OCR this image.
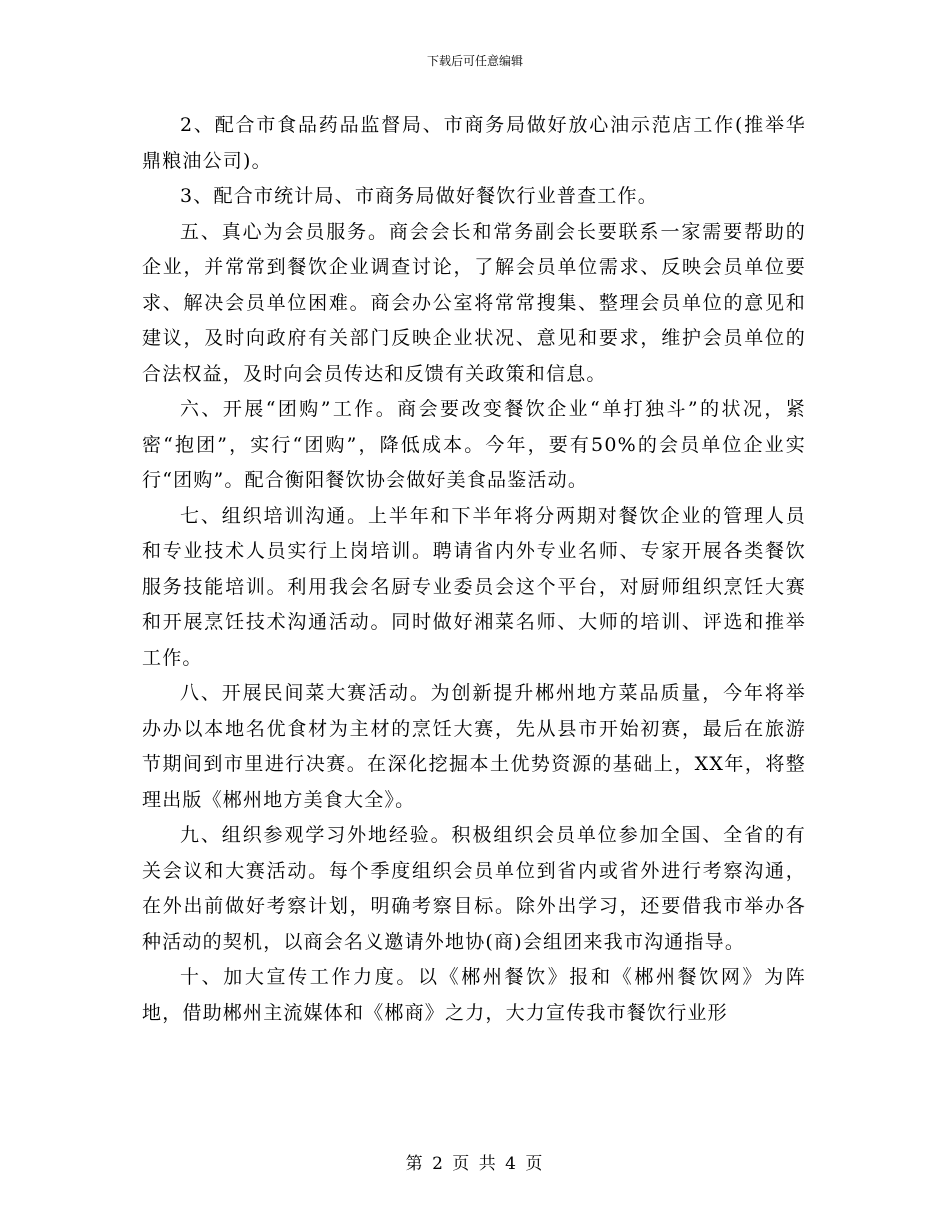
下载后可任意编辑

2、配合市食品药品监督局、市商务局做好放心油示范店工作(推举华鼎粮油公司)。

3、配合市统计局、市商务局做好餐饮行业普查工作。

五、真心为会员服务。商会会长和常务副会长要联系一家需要帮助的企业，并常常到餐饮企业调查讨论，了解会员单位需求、反映会员单位要求、解决会员单位困难。商会办公室将常常搜集、整理会员单位的意见和建议，及时向政府有关部门反映企业状况、意见和要求，维护会员单位的合法权益，及时向会员传达和反馈有关政策和信息。

六、开展“团购”工作。商会要改变餐饮企业“单打独斗”的状况，紧密“抱团”，实行“团购”，降低成本。今年，要有50%的会员单位企业实行“团购”。配合衡阳餐饮协会做好美食品鉴活动。

七、组织培训沟通。上半年和下半年将分两期对餐饮企业的管理人员和专业技术人员实行上岗培训。聘请省内外专业名师、专家开展各类餐饮服务技能培训。利用我会名厨专业委员会这个平台，对厨师组织烹饪大赛和开展烹饪技术沟通活动。同时做好湘菜名师、大师的培训、评选和推举工作。

八、开展民间菜大赛活动。为创新提升郴州地方菜品质量，今年将举办办以本地名优食材为主材的烹饪大赛，先从县市开始初赛，最后在旅游节期间到市里进行决赛。在深化挖掘本土优势资源的基础上，XX年，将整理出版《郴州地方美食大全》。

九、组织参观学习外地经验。积极组织会员单位参加全国、全省的有关会议和大赛活动。每个季度组织会员单位到省内或省外进行考察沟通，在外出前做好考察计划，明确考察目标。除外出学习，还要借我市举办各种活动的契机，以商会名义邀请外地协(商)会组团来我市沟通指导。

十、加大宣传工作力度。以《郴州餐饮》报和《郴州餐饮网》为阵地，借助郴州主流媒体和《郴商》之力，大力宣传我市餐饮行业形

第 2 页 共 4 页
